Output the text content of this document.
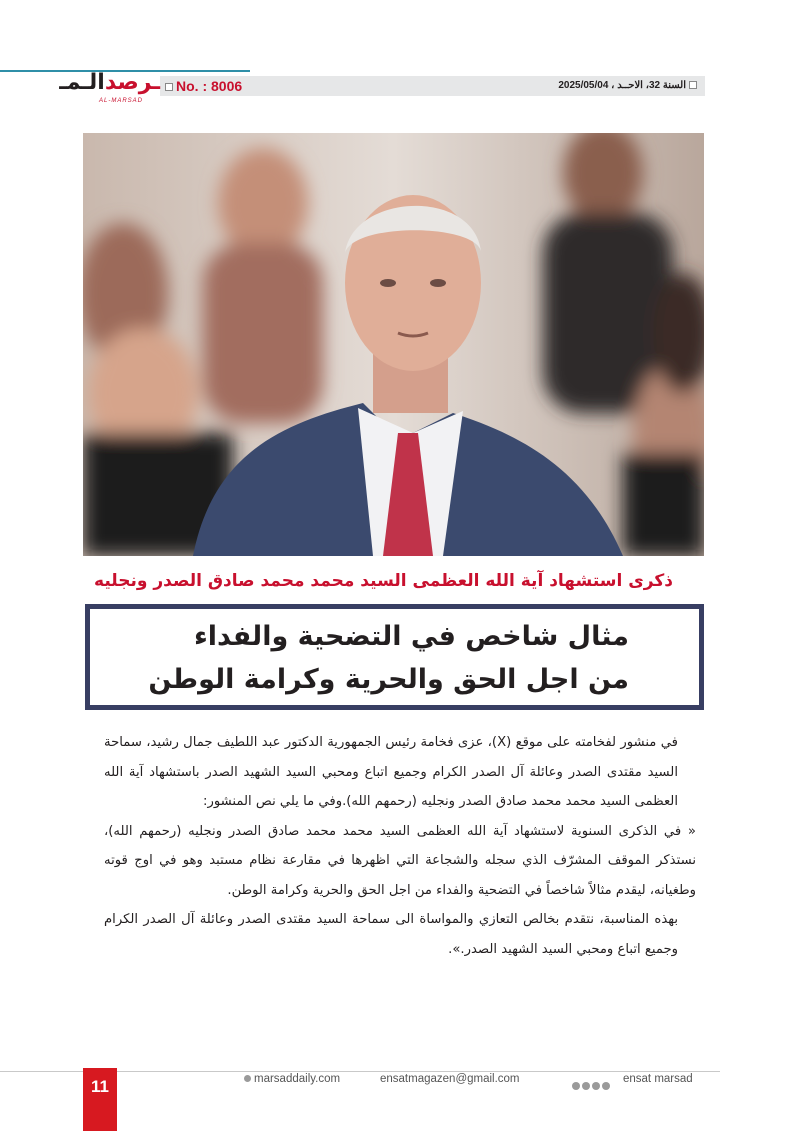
ـرصدالـمـ
AL-MARSAD
No. : 8006	السنة 32، الاحــد ، 2025/05/04
ذكرى استشهاد آية الله العظمى السيد محمد محمد صادق الصدر ونجليه
مثال شاخص في التضحية والفداء
من اجل الحق والحرية وكرامة الوطن

في منشور لفخامته على موقع (X)، عزى فخامة رئيس الجمهورية الدكتور عبد اللطيف جمال رشيد، سماحة السيد مقتدى الصدر وعائلة آل الصدر الكرام وجميع اتباع ومحبي السيد الشهيد الصدر باستشهاد آية الله العظمى السيد محمد محمد صادق الصدر ونجليه (رحمهم الله).وفي ما يلي نص المنشور:

« في الذكرى السنوية لاستشهاد آية الله العظمى السيد محمد محمد صادق الصدر ونجليه (رحمهم الله)، نستذكر الموقف المشرّف الذي سجله والشجاعة التي اظهرها في مقارعة نظام مستبد وهو في اوج قوته وطغيانه، ليقدم مثالاً شاخصاً في التضحية والفداء من اجل الحق والحرية وكرامة الوطن.

بهذه المناسبة، نتقدم بخالص التعازي والمواساة الى سماحة السيد مقتدى الصدر وعائلة آل الصدر الكرام وجميع اتباع ومحبي السيد الشهيد الصدر.».

11	marsaddaily.com	ensatmagazen@gmail.com	ensat marsad
